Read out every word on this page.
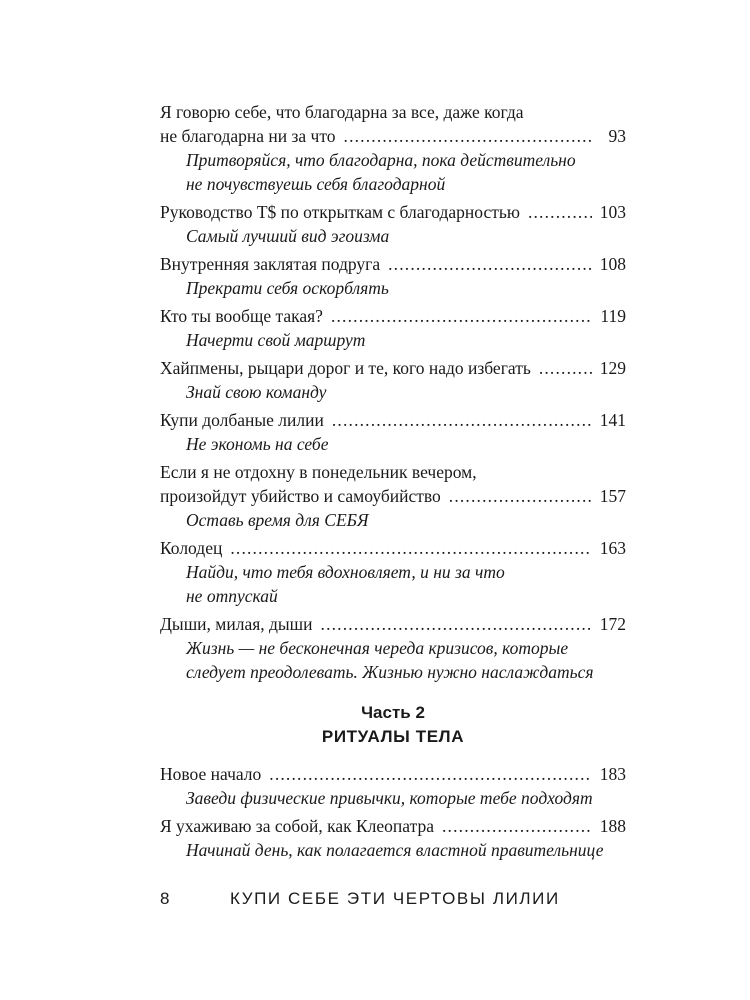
Я говорю себе, что благодарна за все, даже когда
не благодарна ни за что . . .	93
Притворяйся, что благодарна, пока действительно
не почувствуешь себя благодарной
Руководство Т$ по открыткам с благодарностью . . .	103
Самый лучший вид эгоизма
Внутренняя заклятая подруга . . .	108
Прекрати себя оскорблять
Кто ты вообще такая? . . .	119
Начерти свой маршрут
Хайпмены, рыцари дорог и те, кого надо избегать . . .	129
Знай свою команду
Купи долбаные лилии . . .	141
Не экономь на себе
Если я не отдохну в понедельник вечером,
произойдут убийство и самоубийство . . .	157
Оставь время для СЕБЯ
Колодец . . .	163
Найди, что тебя вдохновляет, и ни за что
не отпускай
Дыши, милая, дыши . . .	172
Жизнь — не бесконечная череда кризисов, которые
следует преодолевать. Жизнью нужно наслаждаться
Часть 2
РИТУАЛЫ ТЕЛА
Новое начало . . .	183
Заведи физические привычки, которые тебе подходят
Я ухаживаю за собой, как Клеопатра . . .	188
Начинай день, как полагается властной правительнице
8	КУПИ СЕБЕ ЭТИ ЧЕРТОВЫ ЛИЛИИ
